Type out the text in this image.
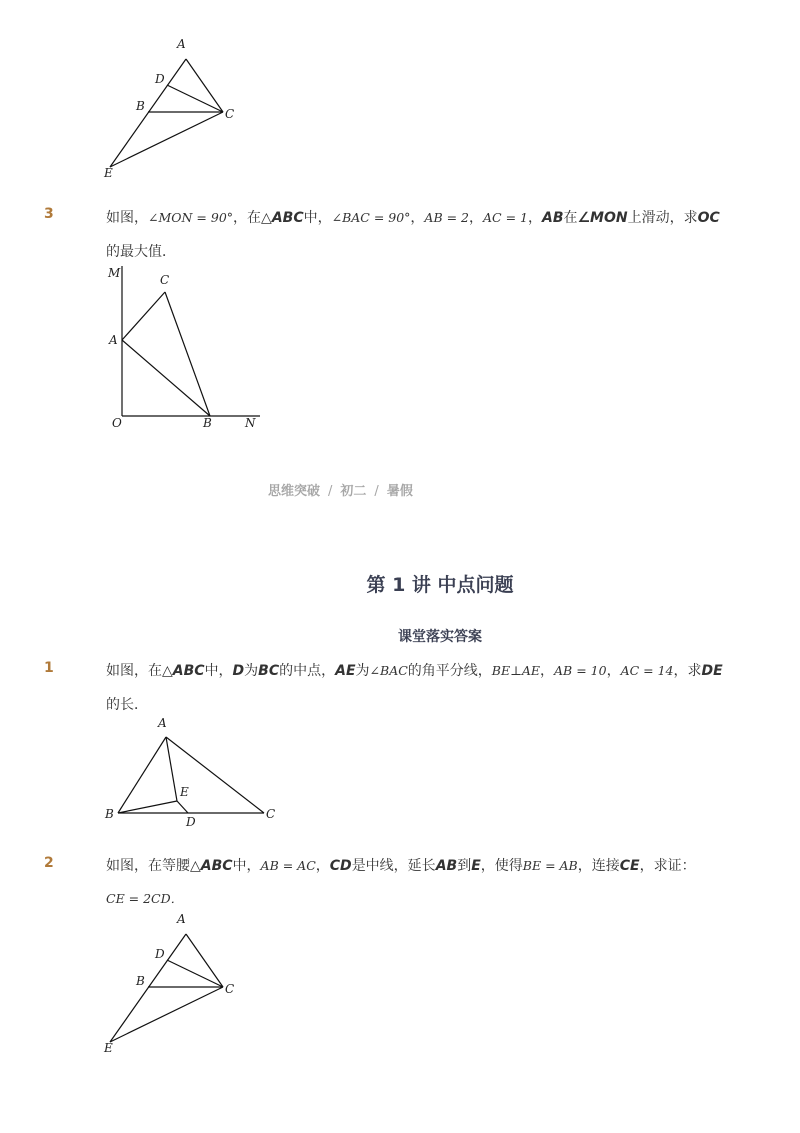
A
D
B
C
E
3	如图，∠MON = 90°，在△ABC中，∠BAC = 90°，AB = 2，AC = 1，AB在∠MON上滑动，求OC
的最大值．
M	C
A
O	B	N
思维突破 / 初二 / 暑假
第 1 讲 中点问题
课堂落实答案
1	如图，在△ABC中，D为BC的中点，AE为∠BAC的角平分线，BE⊥AE，AB = 10，AC = 14，求DE
的长．
A
E
B
D
C
2	如图，在等腰△ABC中，AB = AC，CD是中线，延长AB到E，使得BE = AB，连接CE，求证：
CE = 2CD．
A
D
B
C
E
